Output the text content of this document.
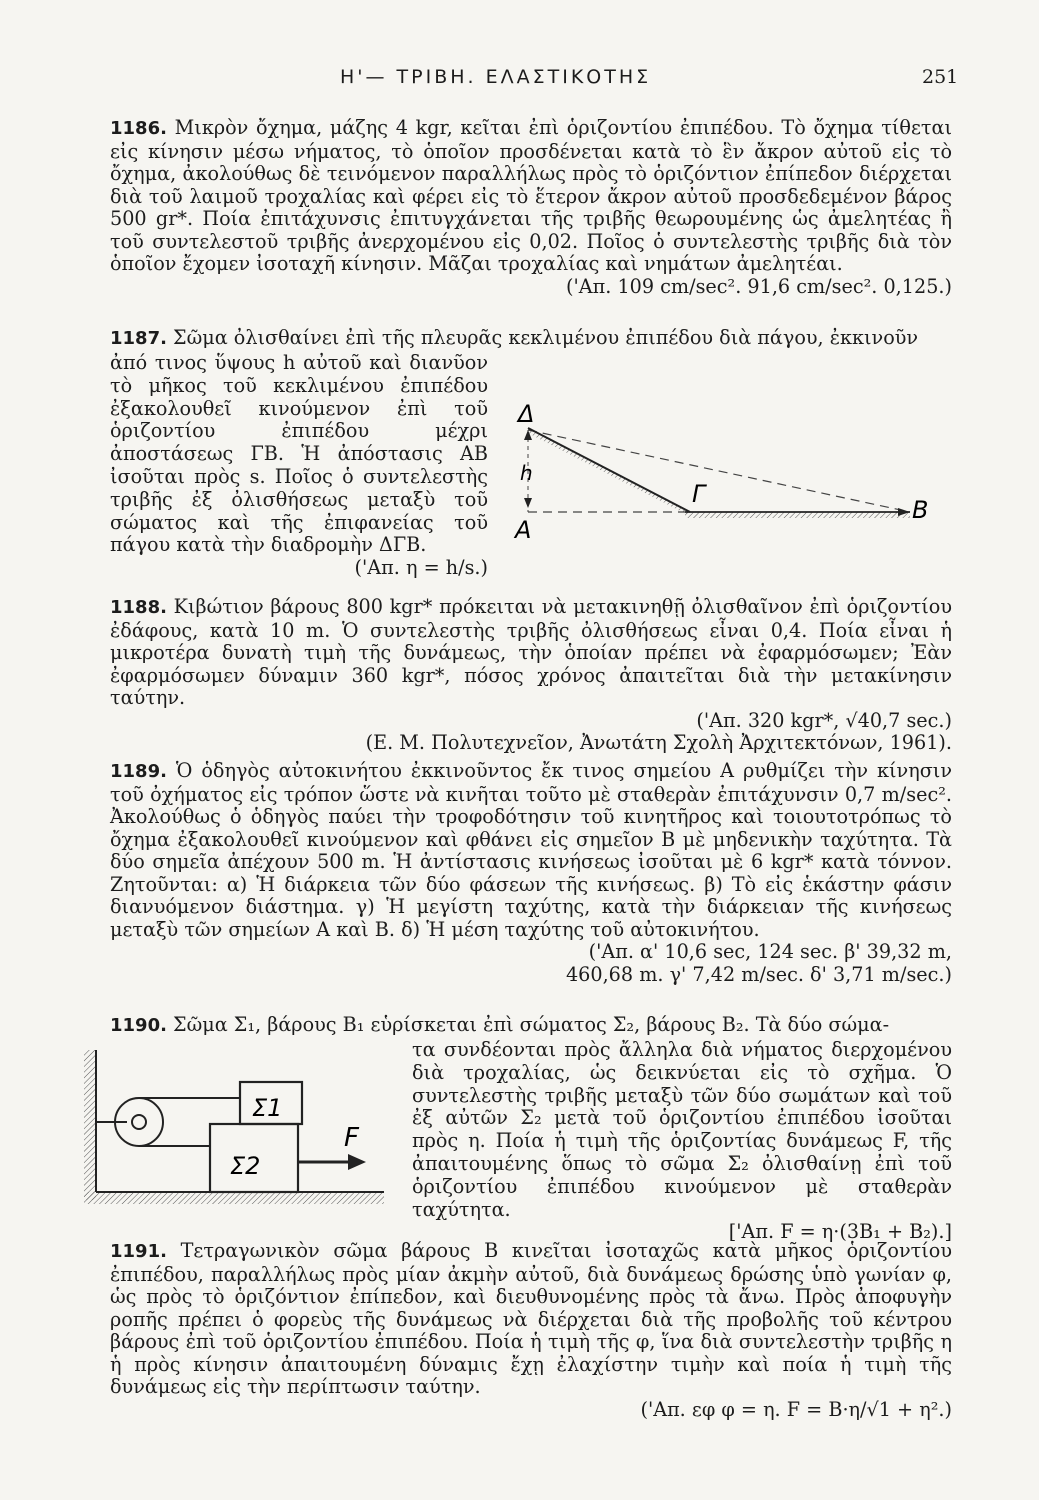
Η'— ΤΡΙΒΗ. ΕΛΑΣΤΙΚΟΤΗΣ	251
1186. Μικρὸν ὄχημα, μάζης 4 kgr, κεῖται ἐπὶ ὁριζοντίου ἐπιπέδου. Τὸ ὄχημα τίθεται εἰς κίνησιν μέσω νήματος, τὸ ὁποῖον προσδένεται κατὰ τὸ ἓν ἄκρον αὐτοῦ εἰς τὸ ὄχημα, ἀκολούθως δὲ τεινόμενον παραλλήλως πρὸς τὸ ὁριζόντιον ἐπίπεδον διέρχεται διὰ τοῦ λαιμοῦ τροχαλίας καὶ φέρει εἰς τὸ ἕτερον ἄκρον αὐτοῦ προσδεδεμένον βάρος 500 gr*. Ποία ἐπιτάχυνσις ἐπιτυγχάνεται τῆς τριβῆς θεωρουμένης ὡς ἀμελητέας ἢ τοῦ συντελεστοῦ τριβῆς ἀνερχομένου εἰς 0,02. Ποῖος ὁ συντελεστὴς τριβῆς διὰ τὸν ὁποῖον ἔχομεν ἰσοταχῆ κίνησιν. Μᾶζαι τροχαλίας καὶ νημάτων ἀμελητέαι.
('Απ. 109 cm/sec². 91,6 cm/sec². 0,125.)
1187. Σῶμα ὀλισθαίνει ἐπὶ τῆς πλευρᾶς κεκλιμένου ἐπιπέδου διὰ πάγου, ἐκκινοῦν
ἀπό τινος ὕψους h αὐτοῦ καὶ διανῦον τὸ μῆκος τοῦ κεκλιμένου ἐπιπέδου ἐξακολουθεῖ κινούμενον ἐπὶ τοῦ ὁριζοντίου ἐπιπέδου μέχρι ἀποστάσεως ΓΒ. Ἡ ἀπόστασις ΑΒ ἰσοῦται πρὸς s. Ποῖος ὁ συντελεστὴς τριβῆς ἐξ ὀλισθήσεως μεταξὺ τοῦ σώματος καὶ τῆς ἐπιφανείας τοῦ πάγου κατὰ τὴν διαδρομὴν ΔΓΒ.
('Απ. η = h/s.)
Δ
h
Α
Γ
Β
1188. Κιβώτιον βάρους 800 kgr* πρόκειται νὰ μετακινηθῇ ὀλισθαῖνον ἐπὶ ὁριζοντίου ἐδάφους, κατὰ 10 m. Ὁ συντελεστὴς τριβῆς ὀλισθήσεως εἶναι 0,4. Ποία εἶναι ἡ μικροτέρα δυνατὴ τιμὴ τῆς δυνάμεως, τὴν ὁποίαν πρέπει νὰ ἐφαρμόσωμεν; Ἐὰν ἐφαρμόσωμεν δύναμιν 360 kgr*, πόσος χρόνος ἀπαιτεῖται διὰ τὴν μετακίνησιν ταύτην.
('Απ. 320 kgr*, √40,7 sec.)
(Ε. Μ. Πολυτεχνεῖον, Ἀνωτάτη Σχολὴ Ἀρχιτεκτόνων, 1961).
1189. Ὁ ὁδηγὸς αὐτοκινήτου ἐκκινοῦντος ἔκ τινος σημείου Α ρυθμίζει τὴν κίνησιν τοῦ ὀχήματος εἰς τρόπον ὥστε νὰ κινῆται τοῦτο μὲ σταθερὰν ἐπιτάχυνσιν 0,7 m/sec². Ἀκολούθως ὁ ὁδηγὸς παύει τὴν τροφοδότησιν τοῦ κινητῆρος καὶ τοιουτοτρόπως τὸ ὄχημα ἐξακολουθεῖ κινούμενον καὶ φθάνει εἰς σημεῖον Β μὲ μηδενικὴν ταχύτητα. Τὰ δύο σημεῖα ἀπέχουν 500 m. Ἡ ἀντίστασις κινήσεως ἰσοῦται μὲ 6 kgr* κατὰ τόννον. Ζητοῦνται: α) Ἡ διάρκεια τῶν δύο φάσεων τῆς κινήσεως. β) Τὸ εἰς ἑκάστην φάσιν διανυόμενον διάστημα. γ) Ἡ μεγίστη ταχύτης, κατὰ τὴν διάρκειαν τῆς κινήσεως μεταξὺ τῶν σημείων Α καὶ Β. δ) Ἡ μέση ταχύτης τοῦ αὐτοκινήτου.
('Απ. α' 10,6 sec, 124 sec. β' 39,32 m,
460,68 m. γ' 7,42 m/sec. δ' 3,71 m/sec.)
1190. Σῶμα Σ₁, βάρους Β₁ εὑρίσκεται ἐπὶ σώματος Σ₂, βάρους Β₂. Τὰ δύο σώμα-
τα συνδέονται πρὸς ἄλληλα διὰ νήματος διερχομένου διὰ τροχαλίας, ὡς δεικνύεται εἰς τὸ σχῆμα. Ὁ συντελεστὴς τριβῆς μεταξὺ τῶν δύο σωμάτων καὶ τοῦ ἐξ αὐτῶν Σ₂ μετὰ τοῦ ὁριζοντίου ἐπιπέδου ἰσοῦται πρὸς η. Ποία ἡ τιμὴ τῆς ὁριζοντίας δυνάμεως F, τῆς ἀπαιτουμένης ὅπως τὸ σῶμα Σ₂ ὀλισθαίνῃ ἐπὶ τοῦ ὁριζοντίου ἐπιπέδου κινούμενον μὲ σταθερὰν ταχύτητα.
['Απ. F = η·(3Β₁ + Β₂).]
Σ1
Σ2
F
1191. Τετραγωνικὸν σῶμα βάρους Β κινεῖται ἰσοταχῶς κατὰ μῆκος ὁριζοντίου ἐπιπέδου, παραλλήλως πρὸς μίαν ἀκμὴν αὐτοῦ, διὰ δυνάμεως δρώσης ὑπὸ γωνίαν φ, ὡς πρὸς τὸ ὁριζόντιον ἐπίπεδον, καὶ διευθυνομένης πρὸς τὰ ἄνω. Πρὸς ἀποφυγὴν ροπῆς πρέπει ὁ φορεὺς τῆς δυνάμεως νὰ διέρχεται διὰ τῆς προβολῆς τοῦ κέντρου βάρους ἐπὶ τοῦ ὁριζοντίου ἐπιπέδου. Ποία ἡ τιμὴ τῆς φ, ἵνα διὰ συντελεστὴν τριβῆς η ἡ πρὸς κίνησιν ἀπαιτουμένη δύναμις ἔχῃ ἐλαχίστην τιμὴν καὶ ποία ἡ τιμὴ τῆς δυνάμεως εἰς τὴν περίπτωσιν ταύτην.
('Απ. εφ φ = η. F = Β·η/√1 + η².)
